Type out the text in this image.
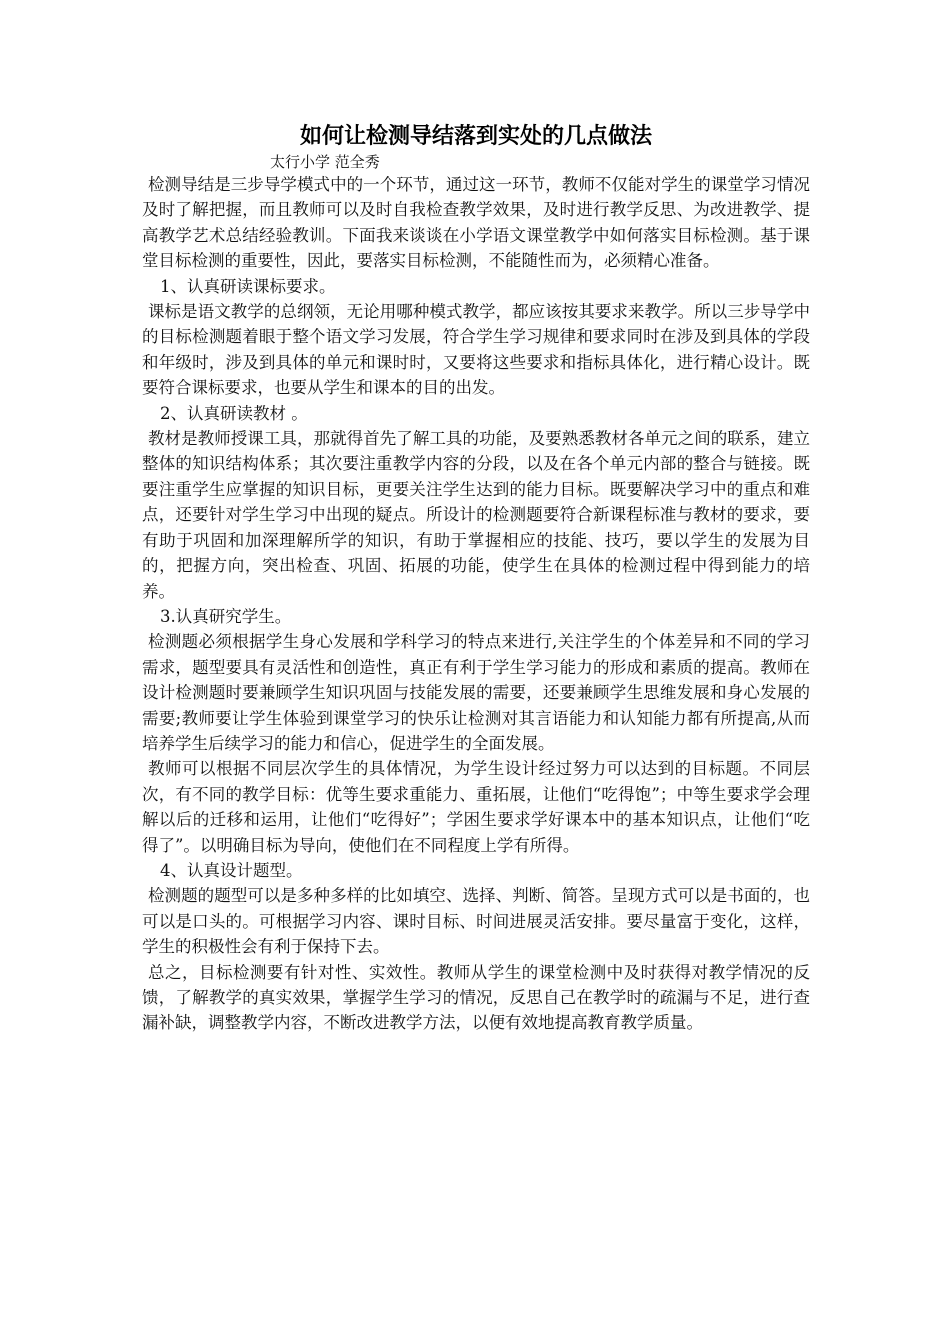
如何让检测导结落到实处的几点做法

太行小学 范全秀

检测导结是三步导学模式中的一个环节，通过这一环节，教师不仅能对学生的课堂学习情况及时了解把握，而且教师可以及时自我检查教学效果，及时进行教学反思、为改进教学、提高教学艺术总结经验教训。下面我来谈谈在小学语文课堂教学中如何落实目标检测。基于课堂目标检测的重要性，因此，要落实目标检测，不能随性而为，必须精心准备。

1、认真研读课标要求。

课标是语文教学的总纲领，无论用哪种模式教学，都应该按其要求来教学。所以三步导学中的目标检测题着眼于整个语文学习发展，符合学生学习规律和要求同时在涉及到具体的学段和年级时，涉及到具体的单元和课时时，又要将这些要求和指标具体化，进行精心设计。既要符合课标要求，也要从学生和课本的目的出发。

2、认真研读教材 。

教材是教师授课工具，那就得首先了解工具的功能，及要熟悉教材各单元之间的联系，建立整体的知识结构体系；其次要注重教学内容的分段，以及在各个单元内部的整合与链接。既要注重学生应掌握的知识目标，更要关注学生达到的能力目标。既要解决学习中的重点和难点，还要针对学生学习中出现的疑点。所设计的检测题要符合新课程标准与教材的要求，要有助于巩固和加深理解所学的知识，有助于掌握相应的技能、技巧，要以学生的发展为目的，把握方向，突出检查、巩固、拓展的功能，使学生在具体的检测过程中得到能力的培养。

3.认真研究学生。

检测题必须根据学生身心发展和学科学习的特点来进行,关注学生的个体差异和不同的学习需求，题型要具有灵活性和创造性，真正有利于学生学习能力的形成和素质的提高。教师在设计检测题时要兼顾学生知识巩固与技能发展的需要，还要兼顾学生思维发展和身心发展的需要;教师要让学生体验到课堂学习的快乐让检测对其言语能力和认知能力都有所提高,从而培养学生后续学习的能力和信心，促进学生的全面发展。

教师可以根据不同层次学生的具体情况，为学生设计经过努力可以达到的目标题。不同层次，有不同的教学目标：优等生要求重能力、重拓展，让他们“吃得饱”；中等生要求学会理解以后的迁移和运用，让他们“吃得好”；学困生要求学好课本中的基本知识点，让他们“吃得了”。以明确目标为导向，使他们在不同程度上学有所得。

4、认真设计题型。

检测题的题型可以是多种多样的比如填空、选择、判断、简答。呈现方式可以是书面的，也可以是口头的。可根据学习内容、课时目标、时间进展灵活安排。要尽量富于变化，这样，学生的积极性会有利于保持下去。

总之，目标检测要有针对性、实效性。教师从学生的课堂检测中及时获得对教学情况的反馈，了解教学的真实效果，掌握学生学习的情况，反思自己在教学时的疏漏与不足，进行查漏补缺，调整教学内容，不断改进教学方法，以便有效地提高教育教学质量。
